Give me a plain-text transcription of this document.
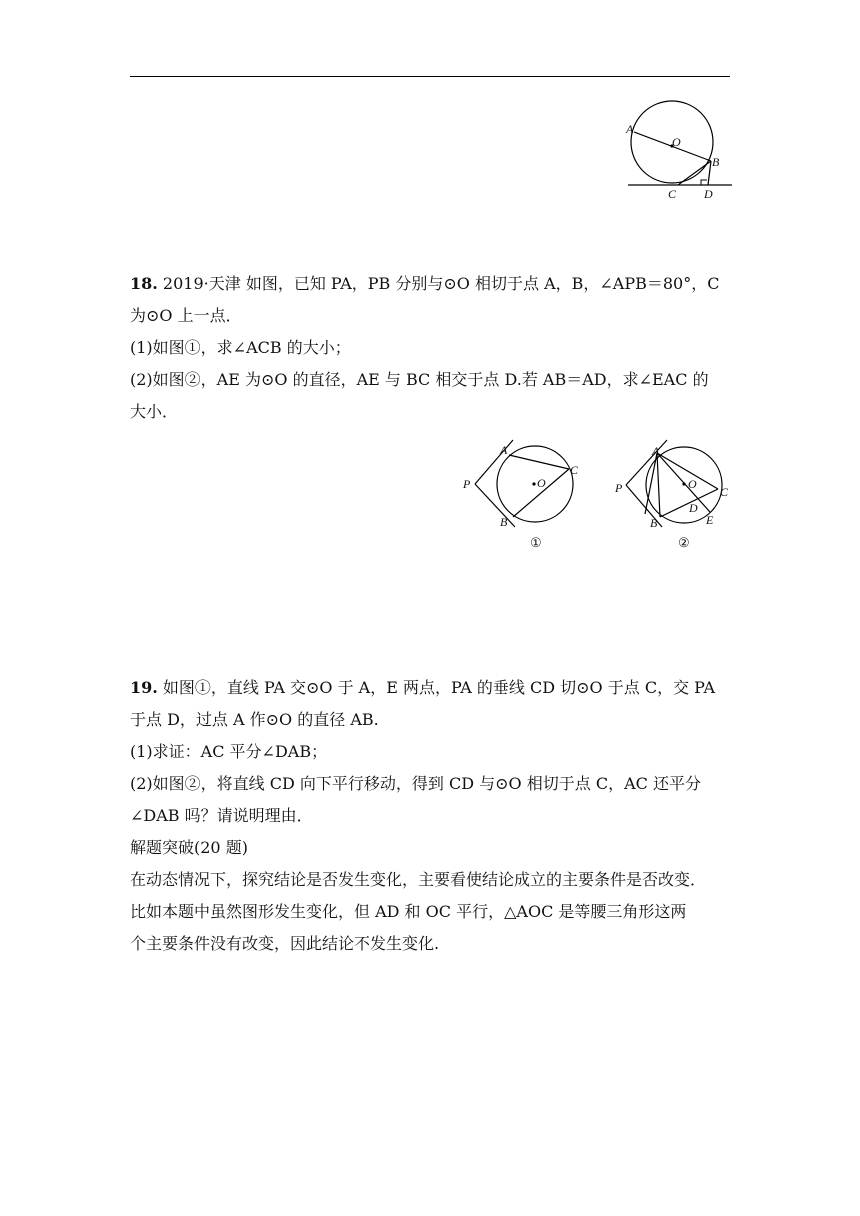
A
O
B
C D

18. 2019·天津 如图，已知 PA，PB 分别与⊙O 相切于点 A，B，∠APB＝80°，C

为⊙O 上一点．

(1)如图①，求∠ACB 的大小；

(2)如图②，AE 为⊙O 的直径，AE 与 BC 相交于点 D.若 AB＝AD，求∠EAC 的

大小．

A
C
O
P
B
①
A
O
C
P
D
E
B
②

19. 如图①，直线 PA 交⊙O 于 A，E 两点，PA 的垂线 CD 切⊙O 于点 C，交 PA

于点 D，过点 A 作⊙O 的直径 AB.

(1)求证：AC 平分∠DAB；

(2)如图②，将直线 CD 向下平行移动，得到 CD 与⊙O 相切于点 C，AC 还平分

∠DAB 吗？请说明理由．

解题突破(20 题)

在动态情况下，探究结论是否发生变化，主要看使结论成立的主要条件是否改变．

比如本题中虽然图形发生变化，但 AD 和 OC 平行，△AOC 是等腰三角形这两

个主要条件没有改变，因此结论不发生变化.
